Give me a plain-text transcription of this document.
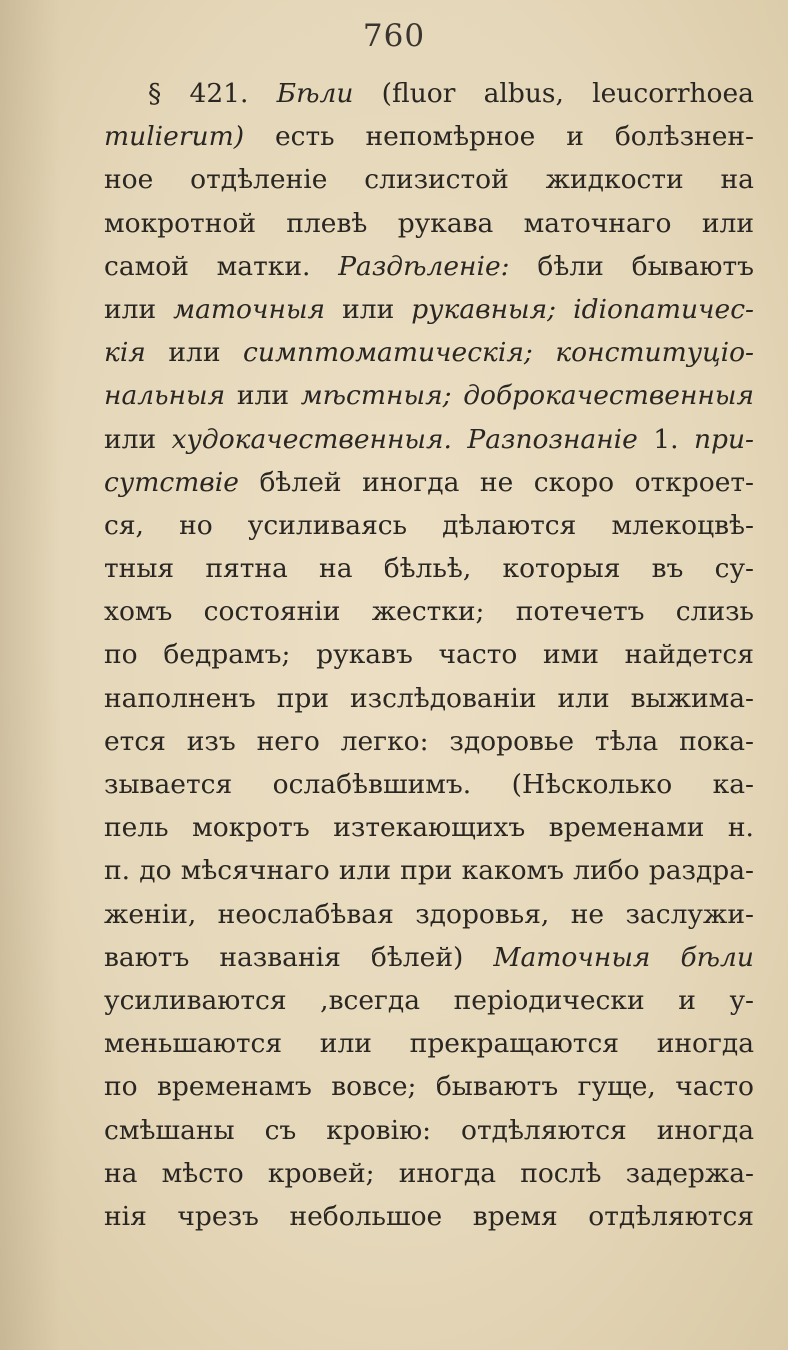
760
§ 421. Бѣли (fluor albus, leucorrhoea
mulierum) есть непомѣрное и болѣзнен-
ное отдѣленіе слизистой жидкости на
мокротной плевѣ рукава маточнаго или
самой матки. Раздѣленіе: бѣли бываютъ
или маточныя или рукавныя; idiопатичес-
кія или симптоматическія; конституціо-
нальныя или мѣстныя; доброкачественныя
или худокачественныя. Разпознаніе 1. при-
сутствіе бѣлей иногда не скоро откроет-
ся, но усиливаясь дѣлаются млекоцвѣ-
тныя пятна на бѣльѣ, которыя въ су-
хомъ состояніи жестки; потечетъ слизь
по бедрамъ; рукавъ часто ими найдется
наполненъ при изслѣдованіи или выжима-
ется изъ него легко: здоровье тѣла пока-
зывается ослабѣвшимъ. (Нѣсколько ка-
пель мокротъ изтекающихъ временами н.
п. до мѣсячнаго или при какомъ либо раздра-
женіи, неослабѣвая здоровья, не заслужи-
ваютъ названія бѣлей) Маточныя бѣли
усиливаются ,всегда періодически и у-
меньшаются или прекращаются иногда
по временамъ вовсе; бываютъ гуще, часто
смѣшаны съ кровію: отдѣляются иногда
на мѣсто кровей; иногда послѣ задержа-
нія чрезъ небольшое время отдѣляются
